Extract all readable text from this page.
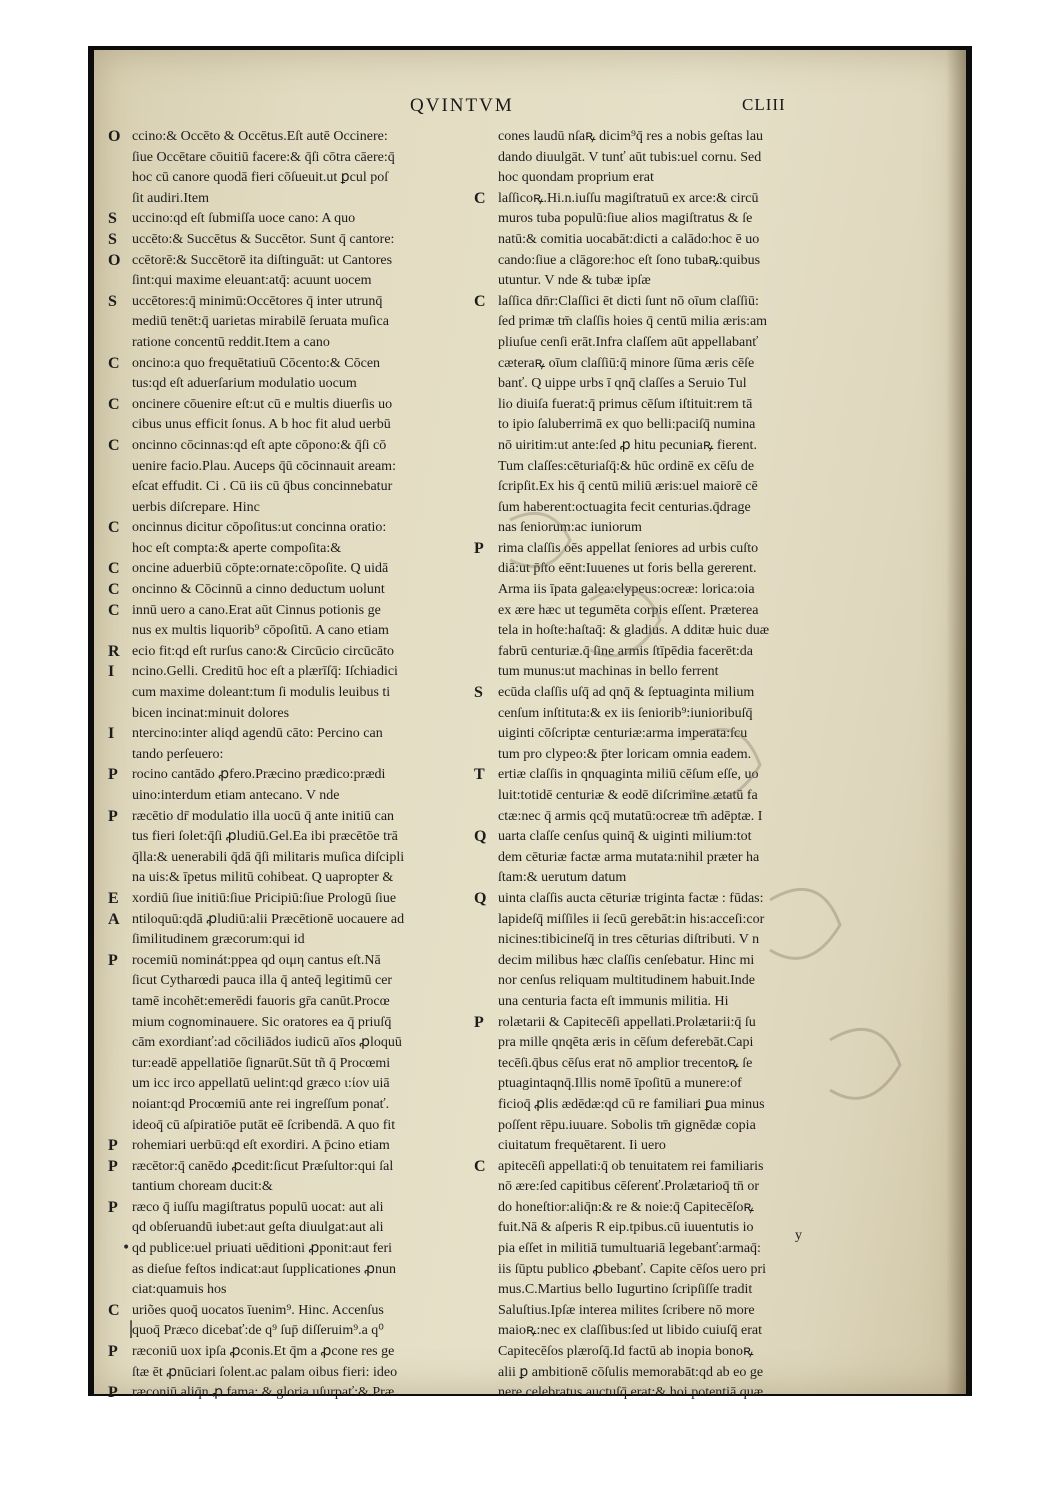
QVINTVM	CLIII
O ccino:& Occēto & Occētus.Eſt autē Occinere:
ſiue Occētare cōuitiū facere:& q̄ſi cōtra cāere:q̄
hoc cū canore quodā fieri cōſueuit.ut ꝑcul poſ
ſit audiri.Item
S	uccino:qd eſt ſubmiſſa uoce cano: A quo
S	uccēto:& Succētus & Succētor. Sunt q̄ cantore:
O ccētorē:& Succētorē ita diſtinguāt: ut Cantores
ſint:qui maxime eleuant:atq̄: acuunt uocem
S	uccētores:q̄ minimū:Occētores q̄ inter utrunq̄
mediū tenēt:q̄ uarietas mirabilē ſeruata muſica
ratione concentū reddit.Item a cano
C oncino:a quo frequētatiuū Cōcento:& Cōcen
tus:qd eſt aduerſarium modulatio uocum
C oncinere cōuenire eſt:ut cū e multis diuerſis uo
cibus unus efficit ſonus. A b hoc fit alud uerbū
C oncinno cōcinnas:qd eſt apte cōpono:& q̄ſi cō
uenire facio.Plau. Auceps q̄ū cōcinnauit aream:
eſcat effudit. Ci . Cū iis cū q̄bus concinnebatur
uerbis diſcrepare. Hinc
C oncinnus dicitur cōpoſitus:ut concinna oratio:
hoc eſt compta:& aperte compoſita:&
C oncine aduerbiū cōpte:ornate:cōpoſite. Q uidā
C oncinno & Cōcinnū a cinno deductum uolunt
C innū uero a cano.Erat aūt Cinnus potionis ge
nus ex multis liquorib⁹ cōpoſitū. A cano etiam
R ecio fit:qd eſt rurſus cano:& Circūcio circūcāto
I	ncino.Gelli. Creditū hoc eſt a plærīſq̄: Iſchiadici
cum maxime doleant:tum ſi modulis leuibus ti
bicen incinat:minuit dolores
I	ntercino:inter aliqd agendū cāto: Percino can
tando perſeuero:
P	rocino cantādo ꝓfero.Præcino prædico:prædi
uino:interdum etiam antecano. V nde
P	ræcētio dr̄ modulatio illa uocū q̄ ante initiū can
tus fieri ſolet:q̄ſi ꝓludiū.Gel.Ea ibi præcētōe trā
q̄lla:& uenerabili q̄dā q̄ſi militaris muſica diſcipli
na uis:& īpetus militū cohibeat. Q uapropter &
E xordiū ſiue initiū:ſiue Pricipiū:ſiue Prologū ſiue
A ntiloquū:qdā ꝓludiū:alii Præcētionē uocauere ad
ſimilitudinem græcorum:qui id
P	rocemiū nominát:ppea qd οιμη cantus eſt.Nā
ſicut Cytharœdi pauca illa q̄ anteq̄ legitimū cer
tamē incohēt:emerēdi fauoris gr̄a canūt.Procœ
mium cognominauere. Sic oratores ea q̄ priuſq̄
cām exordianť:ad cōciliādos iudicū aīos ꝓloquū
tur:eadē appellatiōe ſignarūt.Sūt tñ q̄ Procœmi
um icc irco appellatū uelint:qd græco ι:ίον uiā
noiant:qd Procœmiū ante rei ingreſſum ponať.
ideoq̄ cū aſpiratiōe putāt eē ſcribendā. A quo fit
P	rohemiari uerbū:qd eſt exordiri. A p̄cino etiam
P	ræcētor:q̄ canēdo ꝓcedit:ſicut Præſultor:qui ſal
tantium choream ducit:&
P	ræco q̄ iuſſu magiſtratus populū uocat: aut ali
qd obſeruandū iubet:aut geſta diuulgat:aut ali
qd publice:uel priuati uēditioni ꝓponit:aut feri
as dieſue feſtos indicat:aut ſupplicationes ꝓnun
ciat:quamuis hos
C uriões quoq̄ uocatos īuenim⁹. Hinc. Accenſus
quoq̄ Præco dicebať:de q⁹ ſup̄ diſſeruim⁹.a q⁰
P	ræconiū uox ipſa ꝓconis.Et q̄m a ꝓcone res ge
ſtæ ēt ꝓnūciari ſolent.ac palam oibus fieri: ideo
P	ræconiū aliq̄n ꝓ fama: & gloria uſurpať:& Præ
cones laudū nſaꝶ dicim⁹q̄ res a nobis geſtas lau
dando diuulgāt. V tunť aūt tubis:uel cornu. Sed
hoc quondam proprium erat
C laſſicoꝶ.Hi.n.iuſſu magiſtratuū ex arce:& circū
muros tuba populū:ſiue alios magiſtratus & ſe
natū:& comitia uocabāt:dicti a calādo:hoc ē uo
cando:ſiue a clāgore:hoc eſt ſono tubaꝶ:quibus
utuntur. V nde & tubæ ipſæ
C laſſica dn̄r:Claſſici ēt dicti ſunt nō oīum claſſiū:
ſed primæ tm̄ claſſis hoies q̄ centū milia æris:am
pliuſue cenſi erāt.Infra claſſem aūt appellabanť
cæteraꝶ oīum claſſiū:q̄ minore ſūma æris cēſe
banť. Q uippe urbs ī qnq̄ claſſes a Seruio Tul
lio diuiſa fuerat:q̄ primus cēſum iſtituit:rem tā
to ipio ſaluberrimā ex quo belli:paciſq̄ numina
nō uiritim:ut ante:ſed ꝓ hitu pecuniaꝶ fierent.
Tum claſſes:cēturiaſq̄:& hūc ordinē ex cēſu de
ſcripſit.Ex his q̄ centū miliū æris:uel maiorē cē
ſum haberent:octuagita fecit centurias.q̄drage
nas ſeniorum:ac iuniorum
P	rima claſſis oēs appellat ſeniores ad urbis cuſto
diā:ut p̄ſto eēnt:Iuuenes ut foris bella gererent.
Arma iis īpata galea:clypeus:ocreæ: lorica:oia
ex ære hæc ut tegumēta corpis eſſent. Præterea
tela in hoſte:haſtaq̄: & gladius. A dditæ huic duæ
fabrū centuriæ.q̄ ſine armis ſtīpēdia facerēt:da
tum munus:ut machinas in bello ferrent
S	ecūda claſſis uſq̄ ad qnq̄ & ſeptuaginta milium
cenſum inſtituta:& ex iis ſeniorib⁹:iunioribuſq̄
uiginti cōſcriptæ centuriæ:arma imperata:ſcu
tum pro clypeo:& p̄ter loricam omnia eadem.
T ertiæ claſſis in qnquaginta miliū cēſum eſſe, uo
luit:totidē centuriæ & eodē diſcrimine ætatū fa
ctæ:nec q̄ armis qcq̄ mutatū:ocreæ tm̄ adēptæ. I
Q uarta claſſe cenſus quinq̄ & uiginti milium:tot
dem cēturiæ factæ arma mutata:nihil præter ha
ſtam:& uerutum datum
Q uinta claſſis aucta cēturiæ triginta factæ : fūdas:
lapideſq̄ miſſiles ii ſecū gerebāt:in his:acceſi:cor
nicines:tibicineſq̄ in tres cēturias diſtributi. V n
decim milibus hæc claſſis cenſebatur. Hinc mi
nor cenſus reliquam multitudinem habuit.Inde
una centuria facta eſt immunis militia. Hi
P	rolætarii & Capitecēſi appellati.Prolætarii:q̄ ſu
pra mille qnqēta æris in cēſum deferebāt.Capi
tecēſi.q̄bus cēſus erat nō amplior trecentoꝶ ſe
ptuagintaqnq̄.Illis nomē īpoſitū a munere:of
ficioq̄ ꝓlis ædēdæ:qd cū re familiari ꝑua minus
poſſent rēpu.iuuare. Sobolis tm̄ gignēdæ copia
ciuitatum frequētarent. Ii uero
C apitecēſi appellati:q̄ ob tenuitatem rei familiaris
nō ære:ſed capitibus cēſerenť.Prolætarioq̄ tn̄ or
do honeſtior:aliq̄n:& re & noie:q̄ Capitecēſoꝶ
fuit.Nā & aſperis R eip.tpibus.cū iuuentutis io
pia eſſet in militiā tumultuariā legebanť:armaq̄:
iis ſūptu publico ꝓbebanť. Capite cēſos uero pri
mus.C.Martius bello Iugurtino ſcripſiſſe tradit
Saluſtius.Ipſæ interea milites ſcribere nō more
maioꝶ:nec ex claſſibus:ſed ut libido cuiuſq̄ erat
Capitecēſos plæroſq̄.Id factū ab inopia bonoꝶ
alii ꝑ ambitionē cōſulis memorabāt:qd ab eo ge
nere celebratus auctuſq̄ erat:& hoi potentiā quæ
y
•
|
